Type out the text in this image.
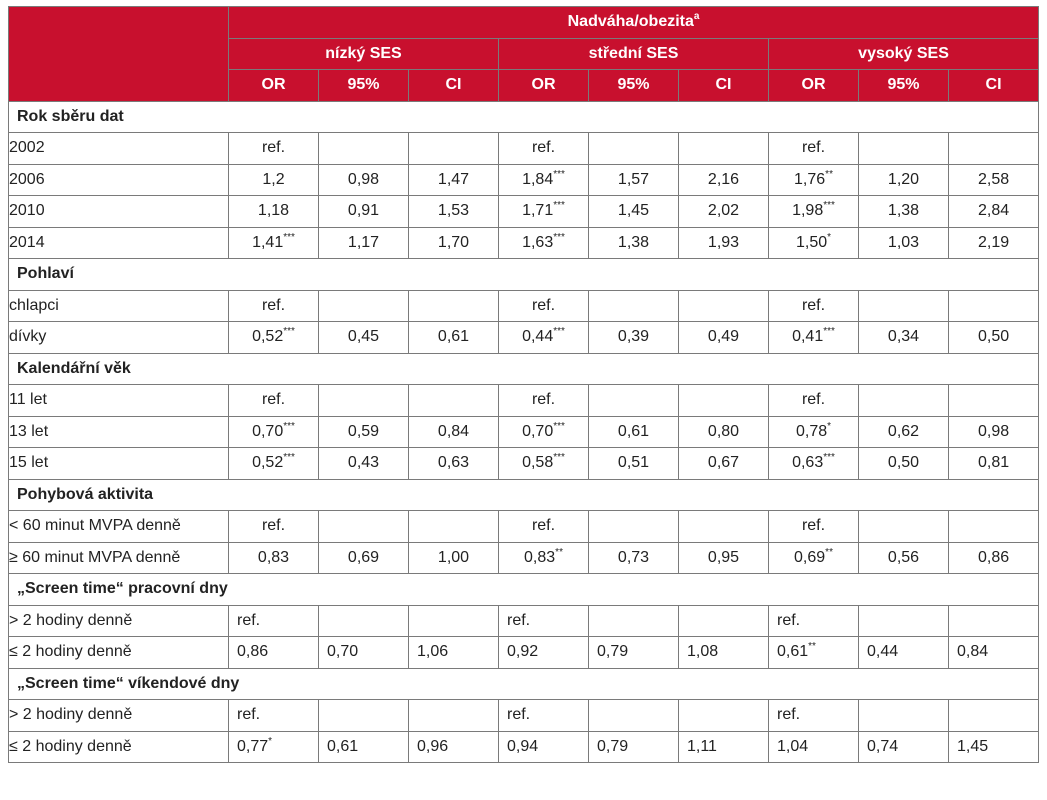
	Nadváha/obezita$^a$
	nízký SES			střední SES			vysoký SES		
	OR	95%	CI	OR	95%	CI	OR	95%	CI
Rok sběru dat									
2002	ref.			ref.			ref.		
2006	1,2	0,98	1,47	1,84***	1,57	2,16	1,76**	1,20	2,58
2010	1,18	0,91	1,53	1,71***	1,45	2,02	1,98***	1,38	2,84
2014	1,41***	1,17	1,70	1,63***	1,38	1,93	1,50*	1,03	2,19
Pohlaví									
chlapci	ref.			ref.			ref.		
dívky	0,52***	0,45	0,61	0,44***	0,39	0,49	0,41***	0,34	0,50
Kalendářní věk									
11 let	ref.			ref.			ref.		
13 let	0,70***	0,59	0,84	0,70***	0,61	0,80	0,78*	0,62	0,98
15 let	0,52***	0,43	0,63	0,58***	0,51	0,67	0,63***	0,50	0,81
Pohybová aktivita									
< 60 minut MVPA denně	ref.			ref.			ref.		
≥ 60 minut MVPA denně	0,83	0,69	1,00	0,83**	0,73	0,95	0,69**	0,56	0,86
„Screen time“ pracovní dny									
> 2 hodiny denně	ref.			ref.			ref.		
≤ 2 hodiny denně	0,86	0,70	1,06	0,92	0,79	1,08	0,61**	0,44	0,84
„Screen time“ víkendové dny									
> 2 hodiny denně	ref.			ref.			ref.		
≤ 2 hodiny denně	0,77*	0,61	0,96	0,94	0,79	1,11	1,04	0,74	1,45
